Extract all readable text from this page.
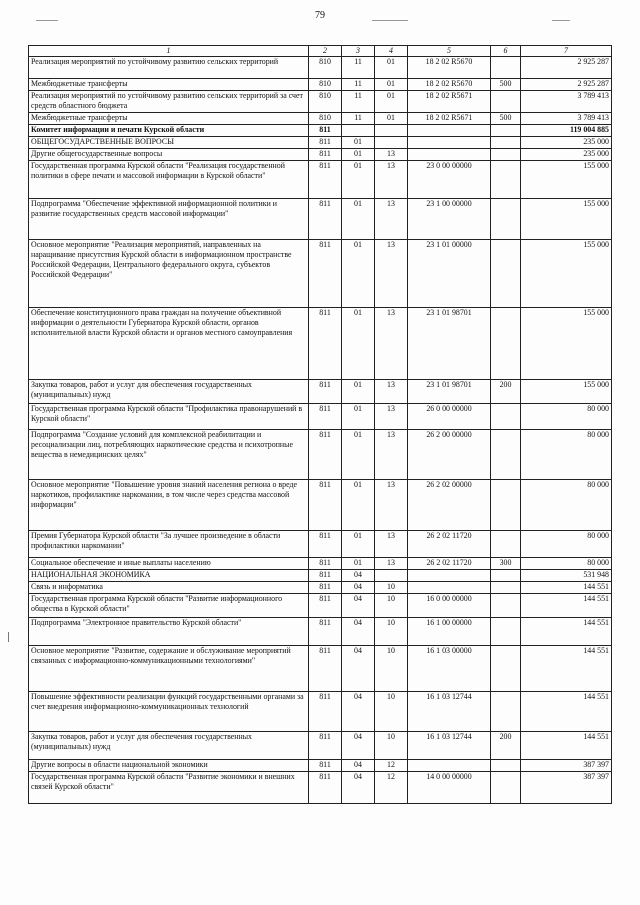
79
1	2	3	4	5	6	7
Реализация мероприятий по устойчивому развитию сельских территорий	810	11	01	18 2 02 R5670		2 925 287
Межбюджетные трансферты	810	11	01	18 2 02 R5670	500	2 925 287
Реализация мероприятий по устойчивому развитию сельских территорий за счет средств областного бюджета	810	11	01	18 2 02 R5671		3 789 413
Межбюджетные трансферты	810	11	01	18 2 02 R5671	500	3 789 413
Комитет информации и печати Курской области	811					119 004 885
ОБЩЕГОСУДАРСТВЕННЫЕ ВОПРОСЫ	811	01				235 000
Другие общегосударственные вопросы	811	01	13			235 000
Государственная программа Курской области "Реализация государственной политики в сфере печати и массовой информации в Курской области"	811	01	13	23 0 00 00000		155 000
Подпрограмма "Обеспечение эффективной информационной политики и развитие государственных средств массовой информации"	811	01	13	23 1 00 00000		155 000
Основное мероприятие "Реализация мероприятий, направленных на наращивание присутствия Курской области в информационном пространстве Российской Федерации, Центрального федерального округа, субъектов Российской Федерации"	811	01	13	23 1 01 00000		155 000
Обеспечение конституционного права граждан на получение объективной информации о деятельности Губернатора Курской области, органов исполнительной власти Курской области и органов местного самоуправления	811	01	13	23 1 01 98701		155 000
Закупка товаров, работ и услуг для обеспечения государственных (муниципальных) нужд	811	01	13	23 1 01 98701	200	155 000
Государственная программа Курской области "Профилактика правонарушений в Курской области"	811	01	13	26 0 00 00000		80 000
Подпрограмма "Создание условий для комплексной реабилитации и ресоциализации лиц, потребляющих наркотические средства и психотропные вещества в немедицинских целях"	811	01	13	26 2 00 00000		80 000
Основное мероприятие "Повышение уровня знаний населения региона о вреде наркотиков, профилактике наркомании, в том числе через средства массовой информации"	811	01	13	26 2 02 00000		80 000
Премия Губернатора Курской области "За лучшее произведение в области профилактики наркомании"	811	01	13	26 2 02 11720		80 000
Социальное обеспечение и иные выплаты населению	811	01	13	26 2 02 11720	300	80 000
НАЦИОНАЛЬНАЯ ЭКОНОМИКА	811	04				531 948
Связь и информатика	811	04	10			144 551
Государственная программа Курской области "Развитие информационного общества в Курской области"	811	04	10	16 0 00 00000		144 551
Подпрограмма "Электронное правительство Курской области"	811	04	10	16 1 00 00000		144 551
Основное мероприятие "Развитие, содержание и обслуживание мероприятий связанных с информационно-коммуникационными технологиями"	811	04	10	16 1 03 00000		144 551
Повышение эффективности реализации функций государственными органами за счет внедрения информационно-коммуникационных технологий	811	04	10	16 1 03 12744		144 551
Закупка товаров, работ и услуг для обеспечения государственных (муниципальных) нужд	811	04	10	16 1 03 12744	200	144 551
Другие вопросы в области национальной экономики	811	04	12			387 397
Государственная программа Курской области "Развитие экономики и внешних связей Курской области"	811	04	12	14 0 00 00000		387 397
